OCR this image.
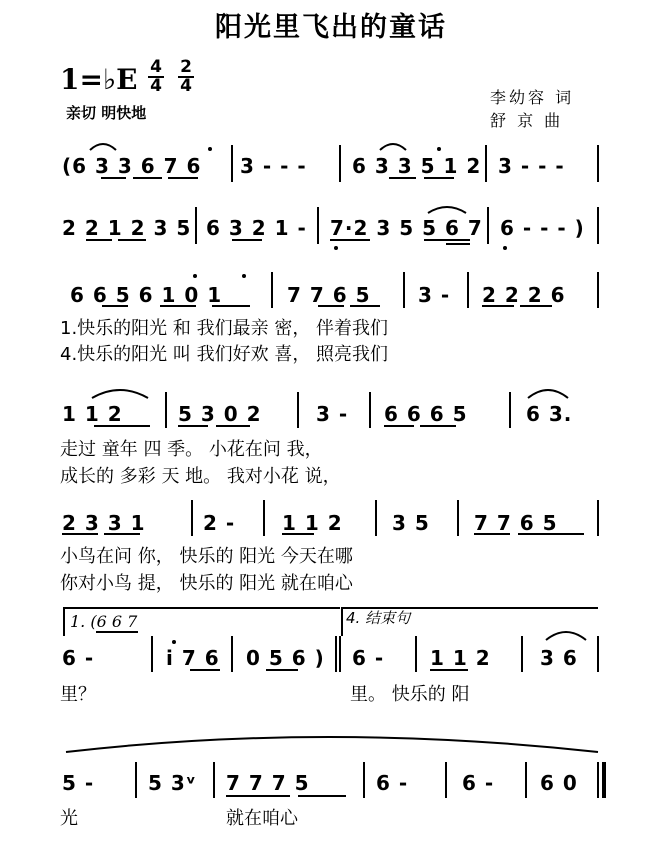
阳光里飞出的童话
1=♭E 4
4
2
4
亲切 明快地
李幼容 词
舒 京 曲
(6 3 3 6 7 6 3 - - - 6 3 3 5 1 2 3 - - -
2 2 1 2 3 5 6 3 2 1 - 7·2 3 5 5 6 7 6 - - - )
6 6 5 6 1 0 1	7 7 6 5 3 - 2 2 2 6
1.快乐的阳光 和 我们最亲 密， 伴着我们
4.快乐的阳光 叫 我们好欢 喜， 照亮我们
1 1 2	5 3 0 2	3 - 6 6 6 5	6 3.
走过 童年 四 季。 小花在问 我，
成长的 多彩 天 地。 我对小花 说，
2 3 3 1	2 - 1 1 2 3 5 7 7 6 5
小鸟在问 你， 快乐的 阳光 今天在哪
你对小鸟 提， 快乐的 阳光 就在咱心
1. (6 6 7	4. 结束句
6 -	i 7 6 0 5 6 ) 6 - 1 1 2 3 6
里？	里。 快乐的 阳
5 -	5 3ᵛ 7 7 7 5	6 -	6 - 6 0
光	就在咱心
